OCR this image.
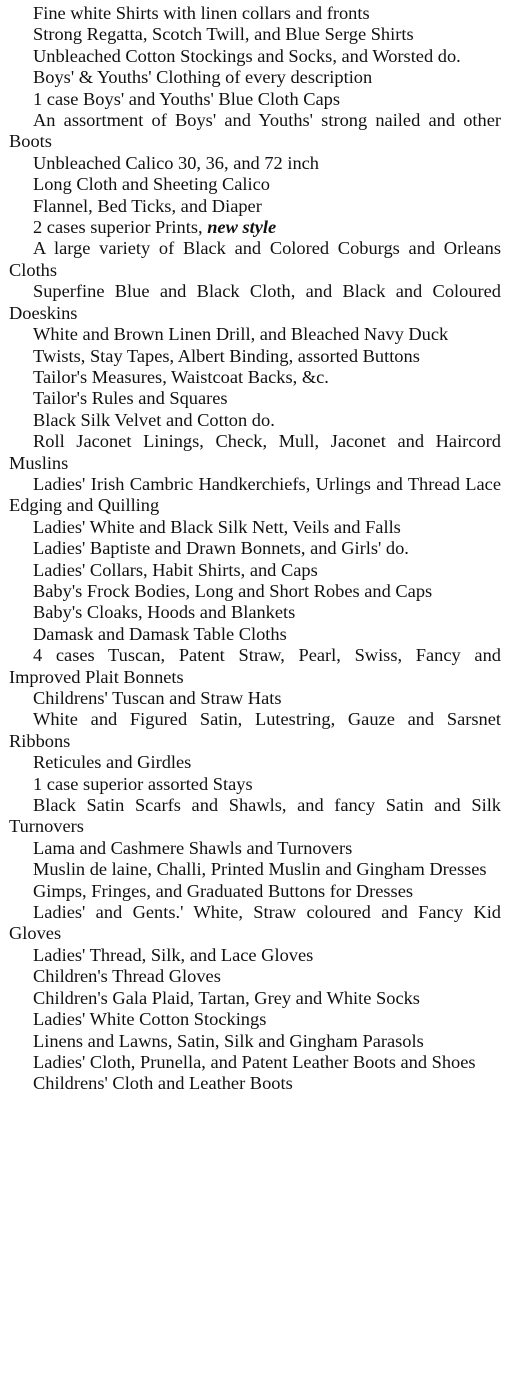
Fine white Shirts with linen collars and fronts

Strong Regatta, Scotch Twill, and Blue Serge Shirts

Unbleached Cotton Stockings and Socks, and Worsted do.

Boys' & Youths' Clothing of every description

1 case Boys' and Youths' Blue Cloth Caps

An assortment of Boys' and Youths' strong nailed and other Boots

Unbleached Calico 30, 36, and 72 inch

Long Cloth and Sheeting Calico

Flannel, Bed Ticks, and Diaper

2 cases superior Prints, new style

A large variety of Black and Colored Coburgs and Orleans Cloths

Superfine Blue and Black Cloth, and Black and Coloured Doeskins

White and Brown Linen Drill, and Bleached Navy Duck

Twists, Stay Tapes, Albert Binding, assorted Buttons

Tailor's Measures, Waistcoat Backs, &c.

Tailor's Rules and Squares

Black Silk Velvet and Cotton do.

Roll Jaconet Linings, Check, Mull, Jaconet and Haircord Muslins

Ladies' Irish Cambric Handkerchiefs, Urlings and Thread Lace Edging and Quilling

Ladies' White and Black Silk Nett, Veils and Falls

Ladies' Baptiste and Drawn Bonnets, and Girls' do.

Ladies' Collars, Habit Shirts, and Caps

Baby's Frock Bodies, Long and Short Robes and Caps

Baby's Cloaks, Hoods and Blankets

Damask and Damask Table Cloths

4 cases Tuscan, Patent Straw, Pearl, Swiss, Fancy and Improved Plait Bonnets

Childrens' Tuscan and Straw Hats

White and Figured Satin, Lutestring, Gauze and Sarsnet Ribbons

Reticules and Girdles

1 case superior assorted Stays

Black Satin Scarfs and Shawls, and fancy Satin and Silk Turnovers

Lama and Cashmere Shawls and Turnovers

Muslin de laine, Challi, Printed Muslin and Gingham Dresses

Gimps, Fringes, and Graduated Buttons for Dresses

Ladies' and Gents.' White, Straw coloured and Fancy Kid Gloves

Ladies' Thread, Silk, and Lace Gloves

Children's Thread Gloves

Children's Gala Plaid, Tartan, Grey and White Socks

Ladies' White Cotton Stockings

Linens and Lawns, Satin, Silk and Gingham Parasols

Ladies' Cloth, Prunella, and Patent Leather Boots and Shoes

Childrens' Cloth and Leather Boots
